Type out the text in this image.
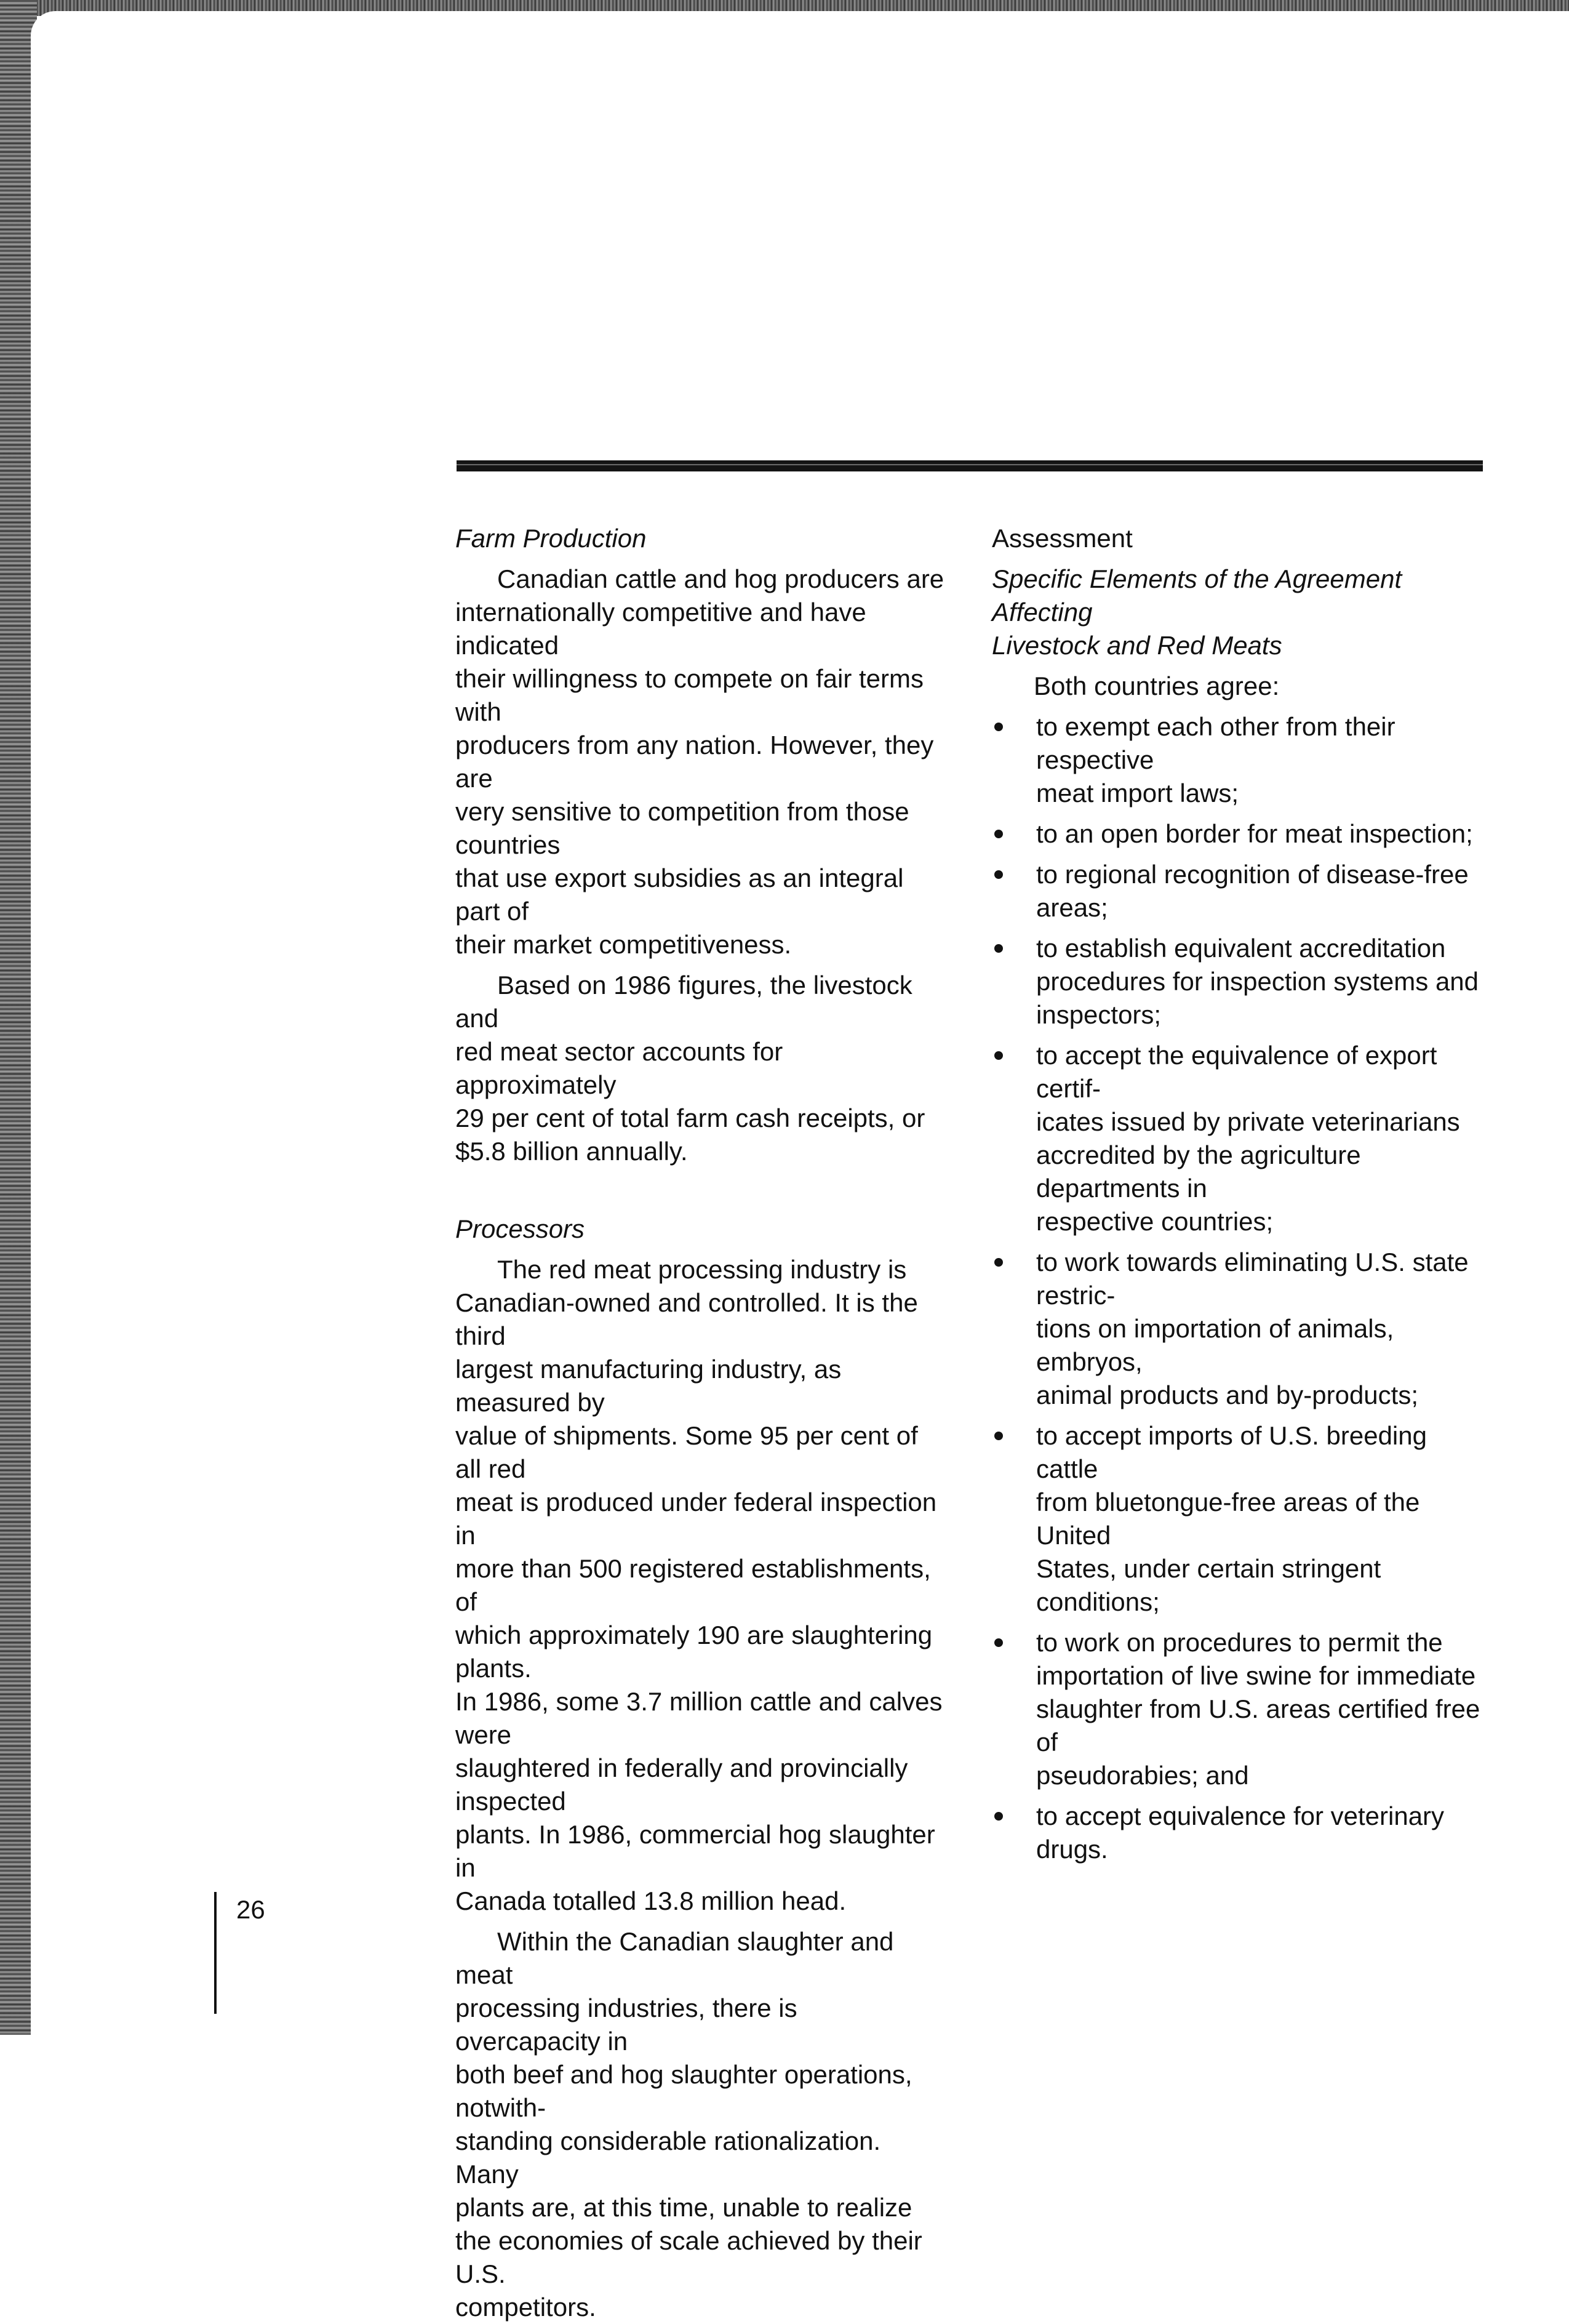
Farm Production

Canadian cattle and hog producers are
internationally competitive and have indicated
their willingness to compete on fair terms with
producers from any nation. However, they are
very sensitive to competition from those countries
that use export subsidies as an integral part of
their market competitiveness.

Based on 1986 figures, the livestock and
red meat sector accounts for approximately
29 per cent of total farm cash receipts, or
$5.8 billion annually.

Processors

The red meat processing industry is
Canadian-owned and controlled. It is the third
largest manufacturing industry, as measured by
value of shipments. Some 95 per cent of all red
meat is produced under federal inspection in
more than 500 registered establishments, of
which approximately 190 are slaughtering plants.
In 1986, some 3.7 million cattle and calves were
slaughtered in federally and provincially inspected
plants. In 1986, commercial hog slaughter in
Canada totalled 13.8 million head.

Within the Canadian slaughter and meat
processing industries, there is overcapacity in
both beef and hog slaughter operations, notwith-
standing considerable rationalization. Many
plants are, at this time, unable to realize
the economies of scale achieved by their U.S.
competitors.

Assessment
Specific Elements of the Agreement Affecting
Livestock and Red Meats
Both countries agree:
to exempt each other from their respective
meat import laws;
to an open border for meat inspection;
to regional recognition of disease-free areas;
to establish equivalent accreditation
procedures for inspection systems and
inspectors;
to accept the equivalence of export certif-
icates issued by private veterinarians
accredited by the agriculture departments in
respective countries;
to work towards eliminating U.S. state restric-
tions on importation of animals, embryos,
animal products and by-products;
to accept imports of U.S. breeding cattle
from bluetongue-free areas of the United
States, under certain stringent conditions;
to work on procedures to permit the
importation of live swine for immediate
slaughter from U.S. areas certified free of
pseudorabies; and
to accept equivalence for veterinary drugs.
26
